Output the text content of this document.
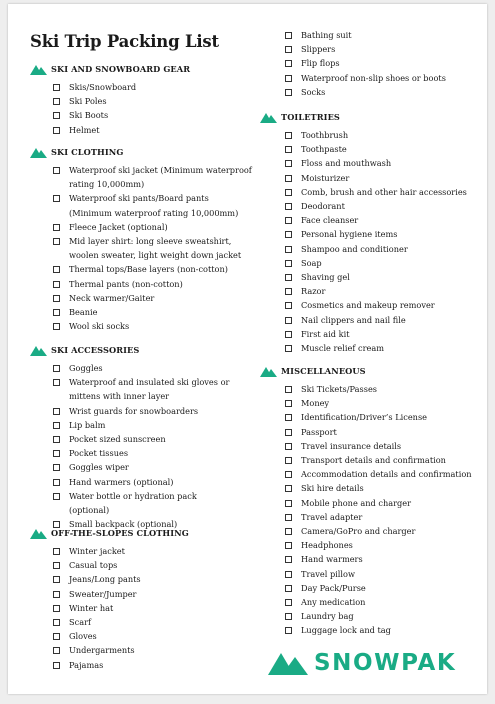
Ski Trip Packing List
SKI AND SNOWBOARD GEAR
Skis/Snowboard
Ski Poles
Ski Boots
Helmet
SKI CLOTHING
Waterproof ski jacket (Minimum waterproof rating 10,000mm)
Waterproof ski pants/Board pants (Minimum waterproof rating 10,000mm)
Fleece Jacket (optional)
Mid layer shirt: long sleeve sweatshirt, woolen sweater, light weight down jacket
Thermal tops/Base layers (non-cotton)
Thermal pants (non-cotton)
Neck warmer/Gaiter
Beanie
Wool ski socks
SKI ACCESSORIES
Goggles
Waterproof and insulated ski gloves or mittens with inner layer
Wrist guards for snowboarders
Lip balm
Pocket sized sunscreen
Pocket tissues
Goggles wiper
Hand warmers (optional)
Water bottle or hydration pack (optional)
Small backpack (optional)
OFF-THE-SLOPES CLOTHING
Winter jacket
Casual tops
Jeans/Long pants
Sweater/Jumper
Winter hat
Scarf
Gloves
Undergarments
Pajamas
Bathing suit
Slippers
Flip flops
Waterproof non-slip shoes or boots
Socks
TOILETRIES
Toothbrush
Toothpaste
Floss and mouthwash
Moisturizer
Comb, brush and other hair accessories
Deodorant
Face cleanser
Personal hygiene items
Shampoo and conditioner
Soap
Shaving gel
Razor
Cosmetics and makeup remover
Nail clippers and nail file
First aid kit
Muscle relief cream
MISCELLANEOUS
Ski Tickets/Passes
Money
Identification/Driver’s License
Passport
Travel insurance details
Transport details and confirmation
Accommodation details and confirmation
Ski hire details
Mobile phone and charger
Travel adapter
Camera/GoPro and charger
Headphones
Hand warmers
Travel pillow
Day Pack/Purse
Any medication
Laundry bag
Luggage lock and tag
SNOWPAK
